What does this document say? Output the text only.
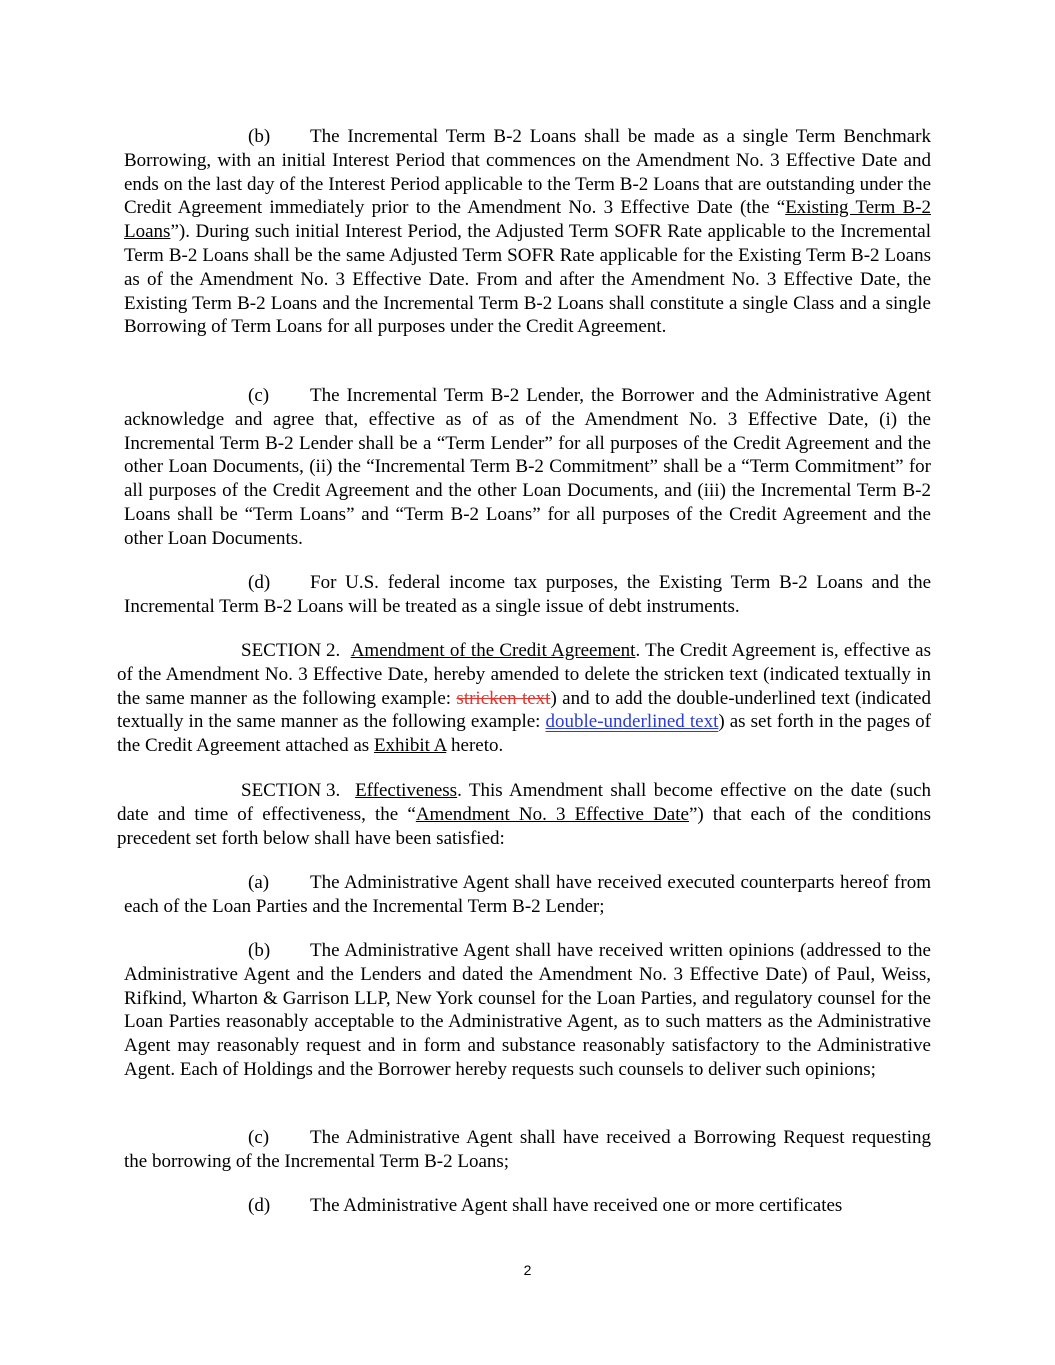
(b) The Incremental Term B-2 Loans shall be made as a single Term Benchmark Borrowing, with an initial Interest Period that commences on the Amendment No. 3 Effective Date and ends on the last day of the Interest Period applicable to the Term B-2 Loans that are outstanding under the Credit Agreement immediately prior to the Amendment No. 3 Effective Date (the “Existing Term B-2 Loans”). During such initial Interest Period, the Adjusted Term SOFR Rate applicable to the Incremental Term B-2 Loans shall be the same Adjusted Term SOFR Rate applicable for the Existing Term B-2 Loans as of the Amendment No. 3 Effective Date. From and after the Amendment No. 3 Effective Date, the Existing Term B-2 Loans and the Incremental Term B-2 Loans shall constitute a single Class and a single Borrowing of Term Loans for all purposes under the Credit Agreement.

(c) The Incremental Term B-2 Lender, the Borrower and the Administrative Agent acknowledge and agree that, effective as of as of the Amendment No. 3 Effective Date, (i) the Incremental Term B-2 Lender shall be a “Term Lender” for all purposes of the Credit Agreement and the other Loan Documents, (ii) the “Incremental Term B-2 Commitment” shall be a “Term Commitment” for all purposes of the Credit Agreement and the other Loan Documents, and (iii) the Incremental Term B-2 Loans shall be “Term Loans” and “Term B-2 Loans” for all purposes of the Credit Agreement and the other Loan Documents.

(d) For U.S. federal income tax purposes, the Existing Term B-2 Loans and the Incremental Term B-2 Loans will be treated as a single issue of debt instruments.

SECTION 2. Amendment of the Credit Agreement. The Credit Agreement is, effective as of the Amendment No. 3 Effective Date, hereby amended to delete the stricken text (indicated textually in the same manner as the following example: stricken text) and to add the double-underlined text (indicated textually in the same manner as the following example: double-underlined text) as set forth in the pages of the Credit Agreement attached as Exhibit A hereto.

SECTION 3. Effectiveness. This Amendment shall become effective on the date (such date and time of effectiveness, the “Amendment No. 3 Effective Date”) that each of the conditions precedent set forth below shall have been satisfied:

(a) The Administrative Agent shall have received executed counterparts hereof from each of the Loan Parties and the Incremental Term B-2 Lender;

(b) The Administrative Agent shall have received written opinions (addressed to the Administrative Agent and the Lenders and dated the Amendment No. 3 Effective Date) of Paul, Weiss, Rifkind, Wharton & Garrison LLP, New York counsel for the Loan Parties, and regulatory counsel for the Loan Parties reasonably acceptable to the Administrative Agent, as to such matters as the Administrative Agent may reasonably request and in form and substance reasonably satisfactory to the Administrative Agent. Each of Holdings and the Borrower hereby requests such counsels to deliver such opinions;

(c) The Administrative Agent shall have received a Borrowing Request requesting the borrowing of the Incremental Term B-2 Loans;

(d) The Administrative Agent shall have received one or more certificates

2
